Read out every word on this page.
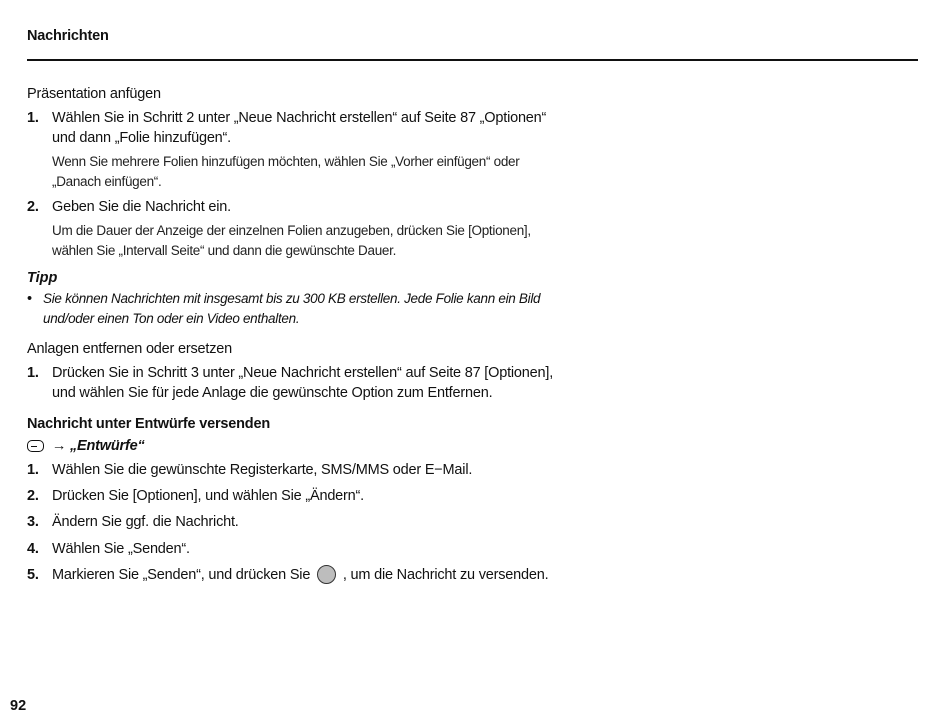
Nachrichten
Präsentation anfügen
1. Wählen Sie in Schritt 2 unter „Neue Nachricht erstellen“ auf Seite 87 „Optionen“
und dann „Folie hinzufügen“.
Wenn Sie mehrere Folien hinzufügen möchten, wählen Sie „Vorher einfügen“ oder
„Danach einfügen“.
2. Geben Sie die Nachricht ein.
Um die Dauer der Anzeige der einzelnen Folien anzugeben, drücken Sie [Optionen],
wählen Sie „Intervall Seite“ und dann die gewünschte Dauer.
Tipp
• Sie können Nachrichten mit insgesamt bis zu 300 KB erstellen. Jede Folie kann ein Bild
und/oder einen Ton oder ein Video enthalten.
Anlagen entfernen oder ersetzen
1. Drücken Sie in Schritt 3 unter „Neue Nachricht erstellen“ auf Seite 87 [Optionen],
und wählen Sie für jede Anlage die gewünschte Option zum Entfernen.
Nachricht unter Entwürfe versenden
→ „Entwürfe“
1. Wählen Sie die gewünschte Registerkarte, SMS/MMS oder E−Mail.
2. Drücken Sie [Optionen], und wählen Sie „Ändern“.
3. Ändern Sie ggf. die Nachricht.
4. Wählen Sie „Senden“.
5. Markieren Sie „Senden“, und drücken Sie , um die Nachricht zu versenden.
92
